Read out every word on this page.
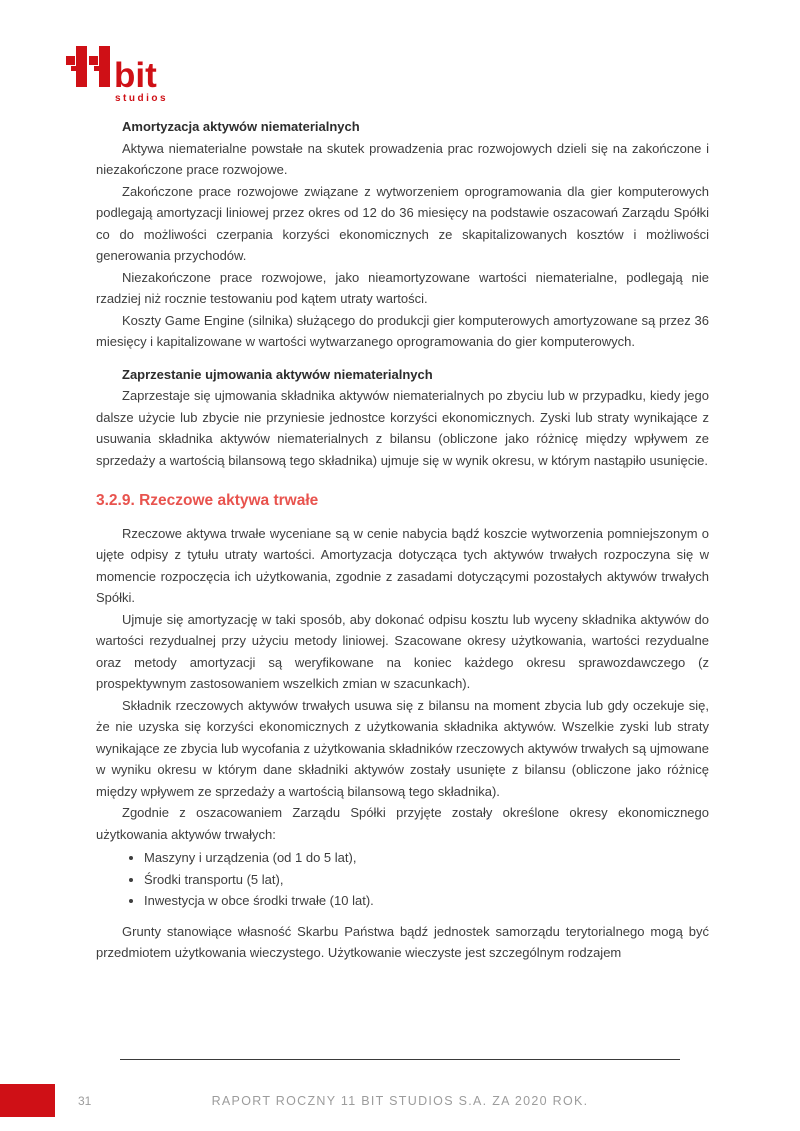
bit
studios
Amortyzacja aktywów niematerialnych

Aktywa niematerialne powstałe na skutek prowadzenia prac rozwojowych dzieli się na zakończone i niezakończone prace rozwojowe.

Zakończone prace rozwojowe związane z wytworzeniem oprogramowania dla gier komputerowych podlegają amortyzacji liniowej przez okres od 12 do 36 miesięcy na podstawie oszacowań Zarządu Spółki co do możliwości czerpania korzyści ekonomicznych ze skapitalizowanych kosztów i możliwości generowania przychodów.

Niezakończone prace rozwojowe, jako nieamortyzowane wartości niematerialne, podlegają nie rzadziej niż rocznie testowaniu pod kątem utraty wartości.

Koszty Game Engine (silnika) służącego do produkcji gier komputerowych amortyzowane są przez 36 miesięcy i kapitalizowane w wartości wytwarzanego oprogramowania do gier komputerowych.

Zaprzestanie ujmowania aktywów niematerialnych

Zaprzestaje się ujmowania składnika aktywów niematerialnych po zbyciu lub w przypadku, kiedy jego dalsze użycie lub zbycie nie przyniesie jednostce korzyści ekonomicznych. Zyski lub straty wynikające z usuwania składnika aktywów niematerialnych z bilansu (obliczone jako różnicę między wpływem ze sprzedaży a wartością bilansową tego składnika) ujmuje się w wynik okresu, w którym nastąpiło usunięcie.

3.2.9. Rzeczowe aktywa trwałe

Rzeczowe aktywa trwałe wyceniane są w cenie nabycia bądź koszcie wytworzenia pomniejszonym o ujęte odpisy z tytułu utraty wartości. Amortyzacja dotycząca tych aktywów trwałych rozpoczyna się w momencie rozpoczęcia ich użytkowania, zgodnie z zasadami dotyczącymi pozostałych aktywów trwałych Spółki.

Ujmuje się amortyzację w taki sposób, aby dokonać odpisu kosztu lub wyceny składnika aktywów do wartości rezydualnej przy użyciu metody liniowej. Szacowane okresy użytkowania, wartości rezydualne oraz metody amortyzacji są weryfikowane na koniec każdego okresu sprawozdawczego (z prospektywnym zastosowaniem wszelkich zmian w szacunkach).

Składnik rzeczowych aktywów trwałych usuwa się z bilansu na moment zbycia lub gdy oczekuje się, że nie uzyska się korzyści ekonomicznych z użytkowania składnika aktywów. Wszelkie zyski lub straty wynikające ze zbycia lub wycofania z użytkowania składników rzeczowych aktywów trwałych są ujmowane w wyniku okresu w którym dane składniki aktywów zostały usunięte z bilansu (obliczone jako różnicę między wpływem ze sprzedaży a wartością bilansową tego składnika).

Zgodnie z oszacowaniem Zarządu Spółki przyjęte zostały określone okresy ekonomicznego użytkowania aktywów trwałych:

• Maszyny i urządzenia (od 1 do 5 lat),
• Środki transportu (5 lat),
• Inwestycja w obce środki trwałe (10 lat).

Grunty stanowiące własność Skarbu Państwa bądź jednostek samorządu terytorialnego mogą być przedmiotem użytkowania wieczystego. Użytkowanie wieczyste jest szczególnym rodzajem

31	RAPORT ROCZNY 11 BIT STUDIOS S.A. ZA 2020 ROK.
